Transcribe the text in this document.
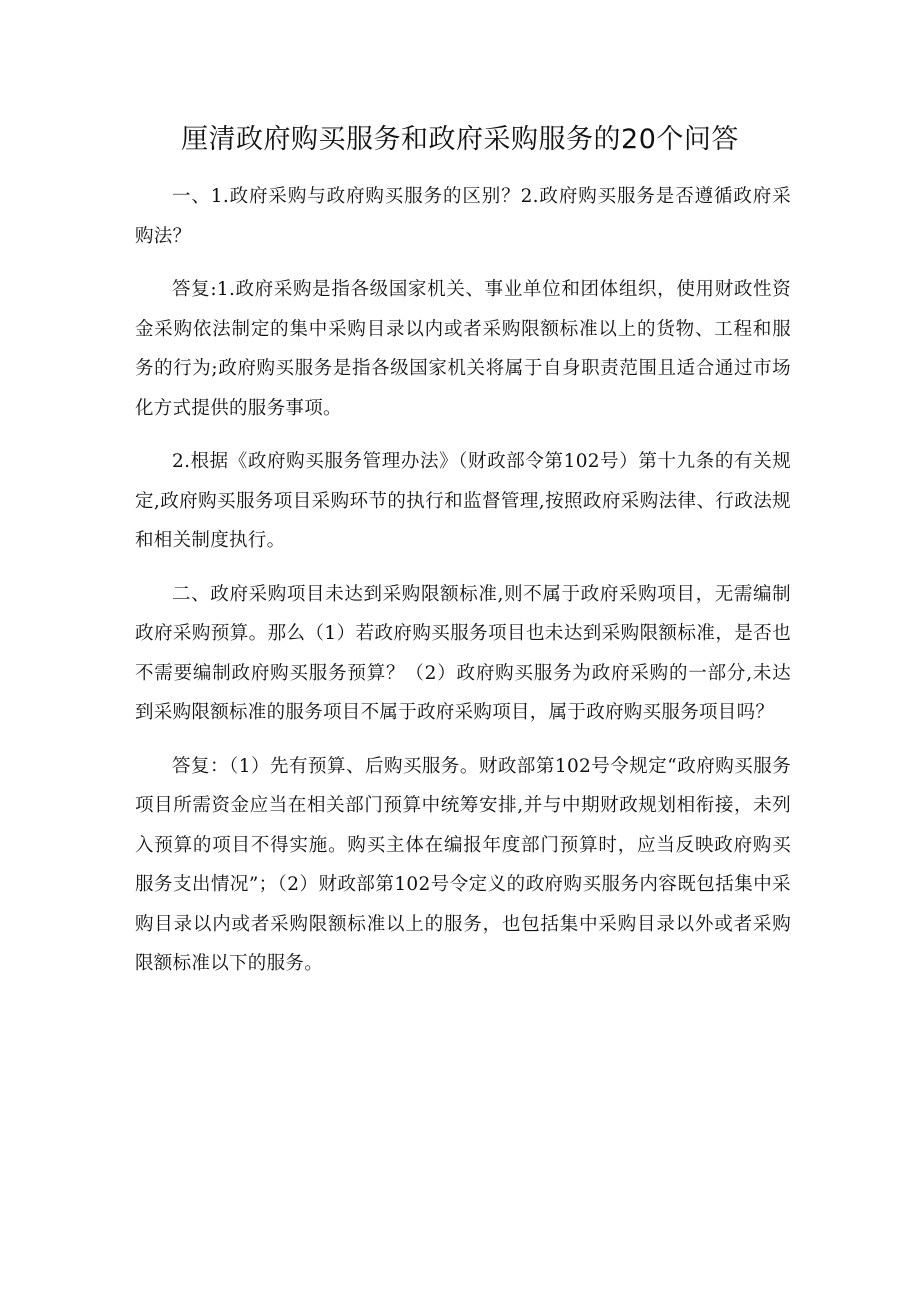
厘清政府购买服务和政府采购服务的20个问答

一、1.政府采购与政府购买服务的区别？2.政府购买服务是否遵循政府采购法？

答复:1.政府采购是指各级国家机关、事业单位和团体组织，使用财政性资金采购依法制定的集中采购目录以内或者采购限额标准以上的货物、工程和服务的行为;政府购买服务是指各级国家机关将属于自身职责范围且适合通过市场化方式提供的服务事项。

2.根据《政府购买服务管理办法》（财政部令第102号）第十九条的有关规定,政府购买服务项目采购环节的执行和监督管理,按照政府采购法律、行政法规和相关制度执行。

二、政府采购项目未达到采购限额标准,则不属于政府采购项目，无需编制政府采购预算。那么（1）若政府购买服务项目也未达到采购限额标准，是否也不需要编制政府购买服务预算？（2）政府购买服务为政府采购的一部分,未达到采购限额标准的服务项目不属于政府采购项目，属于政府购买服务项目吗？

答复：（1）先有预算、后购买服务。财政部第102号令规定“政府购买服务项目所需资金应当在相关部门预算中统筹安排,并与中期财政规划相衔接，未列入预算的项目不得实施。购买主体在编报年度部门预算时，应当反映政府购买服务支出情况”；（2）财政部第102号令定义的政府购买服务内容既包括集中采购目录以内或者采购限额标准以上的服务，也包括集中采购目录以外或者采购限额标准以下的服务。
